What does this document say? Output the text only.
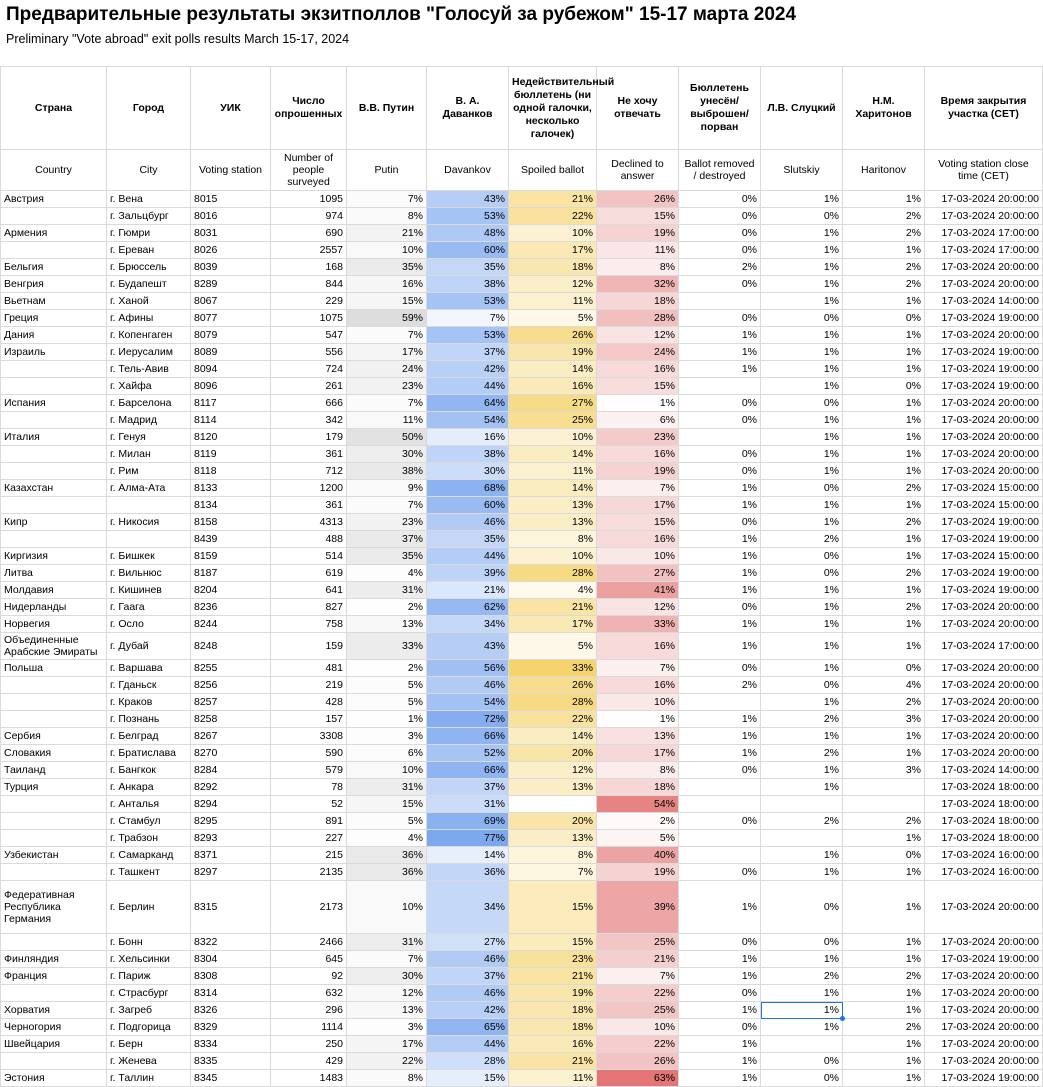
Предварительные результаты экзитполлов "Голосуй за рубежом" 15-17 марта 2024
Preliminary "Vote abroad" exit polls results March 15-17, 2024
Страна	Город	УИК	Число опрошенных	В.В. Путин	В. А. Даванков	Недействительный бюллетень (ни одной галочки, несколько галочек)	Не хочу отвечать	Бюллетень унесён/выброшен/порван	Л.В. Слуцкий	Н.М. Харитонов	Время закрытия участка (CET)
Country	City	Voting station	Number of people surveyed	Putin	Davankov	Spoiled ballot	Declined to answer	Ballot removed / destroyed	Slutskiy	Haritonov	Voting station close time (CET)
Австрия	г. Вена	8015	1095	7%	43%	21%	26%	0%	1%	1%	17-03-2024 20:00:00
	г. Зальцбург	8016	974	8%	53%	22%	15%	0%	0%	2%	17-03-2024 20:00:00
Армения	г. Гюмри	8031	690	21%	48%	10%	19%	0%	1%	2%	17-03-2024 17:00:00
	г. Ереван	8026	2557	10%	60%	17%	11%	0%	1%	1%	17-03-2024 17:00:00
Бельгия	г. Брюссель	8039	168	35%	35%	18%	8%	2%	1%	2%	17-03-2024 20:00:00
Венгрия	г. Будапешт	8289	844	16%	38%	12%	32%	0%	1%	2%	17-03-2024 20:00:00
Вьетнам	г. Ханой	8067	229	15%	53%	11%	18%		1%	1%	17-03-2024 14:00:00
Греция	г. Афины	8077	1075	59%	7%	5%	28%	0%	0%	0%	17-03-2024 19:00:00
Дания	г. Копенгаген	8079	547	7%	53%	26%	12%	1%	1%	1%	17-03-2024 20:00:00
Израиль	г. Иерусалим	8089	556	17%	37%	19%	24%	1%	1%	1%	17-03-2024 19:00:00
	г. Тель-Авив	8094	724	24%	42%	14%	16%	1%	1%	1%	17-03-2024 19:00:00
	г. Хайфа	8096	261	23%	44%	16%	15%		1%	0%	17-03-2024 19:00:00
Испания	г. Барселона	8117	666	7%	64%	27%	1%	0%	0%	1%	17-03-2024 20:00:00
	г. Мадрид	8114	342	11%	54%	25%	6%	0%	1%	1%	17-03-2024 20:00:00
Италия	г. Генуя	8120	179	50%	16%	10%	23%		1%	1%	17-03-2024 20:00:00
	г. Милан	8119	361	30%	38%	14%	16%	0%	1%	1%	17-03-2024 20:00:00
	г. Рим	8118	712	38%	30%	11%	19%	0%	1%	1%	17-03-2024 20:00:00
Казахстан	г. Алма-Ата	8133	1200	9%	68%	14%	7%	1%	0%	2%	17-03-2024 15:00:00
		8134	361	7%	60%	13%	17%	1%	1%	1%	17-03-2024 15:00:00
Кипр	г. Никосия	8158	4313	23%	46%	13%	15%	0%	1%	2%	17-03-2024 19:00:00
		8439	488	37%	35%	8%	16%	1%	2%	1%	17-03-2024 19:00:00
Киргизия	г. Бишкек	8159	514	35%	44%	10%	10%	1%	0%	1%	17-03-2024 15:00:00
Литва	г. Вильнюс	8187	619	4%	39%	28%	27%	1%	0%	2%	17-03-2024 19:00:00
Молдавия	г. Кишинев	8204	641	31%	21%	4%	41%	1%	1%	1%	17-03-2024 19:00:00
Нидерланды	г. Гаага	8236	827	2%	62%	21%	12%	0%	1%	2%	17-03-2024 20:00:00
Норвегия	г. Осло	8244	758	13%	34%	17%	33%	1%	1%	1%	17-03-2024 20:00:00
Объединенные Арабские Эмираты	г. Дубай	8248	159	33%	43%	5%	16%	1%	1%	1%	17-03-2024 17:00:00
Польша	г. Варшава	8255	481	2%	56%	33%	7%	0%	1%	0%	17-03-2024 20:00:00
	г. Гданьск	8256	219	5%	46%	26%	16%	2%	0%	4%	17-03-2024 20:00:00
	г. Краков	8257	428	5%	54%	28%	10%		1%	2%	17-03-2024 20:00:00
	г. Познань	8258	157	1%	72%	22%	1%	1%	2%	3%	17-03-2024 20:00:00
Сербия	г. Белград	8267	3308	3%	66%	14%	13%	1%	1%	1%	17-03-2024 20:00:00
Словакия	г. Братислава	8270	590	6%	52%	20%	17%	1%	2%	1%	17-03-2024 20:00:00
Таиланд	г. Бангкок	8284	579	10%	66%	12%	8%	0%	1%	3%	17-03-2024 14:00:00
Турция	г. Анкара	8292	78	31%	37%	13%	18%		1%		17-03-2024 18:00:00
	г. Анталья	8294	52	15%	31%		54%				17-03-2024 18:00:00
	г. Стамбул	8295	891	5%	69%	20%	2%	0%	2%	2%	17-03-2024 18:00:00
	г. Трабзон	8293	227	4%	77%	13%	5%			1%	17-03-2024 18:00:00
Узбекистан	г. Самарканд	8371	215	36%	14%	8%	40%		1%	0%	17-03-2024 16:00:00
	г. Ташкент	8297	2135	36%	36%	7%	19%	0%	1%	1%	17-03-2024 16:00:00
Федеративная Республика Германия	г. Берлин	8315	2173	10%	34%	15%	39%	1%	0%	1%	17-03-2024 20:00:00
	г. Бонн	8322	2466	31%	27%	15%	25%	0%	0%	1%	17-03-2024 20:00:00
Финляндия	г. Хельсинки	8304	645	7%	46%	23%	21%	1%	1%	1%	17-03-2024 19:00:00
Франция	г. Париж	8308	92	30%	37%	21%	7%	1%	2%	2%	17-03-2024 20:00:00
	г. Страсбург	8314	632	12%	46%	19%	22%	0%	1%	1%	17-03-2024 20:00:00
Хорватия	г. Загреб	8326	296	13%	42%	18%	25%	1%	1%	1%	17-03-2024 20:00:00
Черногория	г. Подгорица	8329	1114	3%	65%	18%	10%	0%	1%	2%	17-03-2024 20:00:00
Швейцария	г. Берн	8334	250	17%	44%	16%	22%	1%		1%	17-03-2024 20:00:00
	г. Женева	8335	429	22%	28%	21%	26%	1%	0%	1%	17-03-2024 20:00:00
Эстония	г. Таллин	8345	1483	8%	15%	11%	63%	1%	0%	1%	17-03-2024 19:00:00
